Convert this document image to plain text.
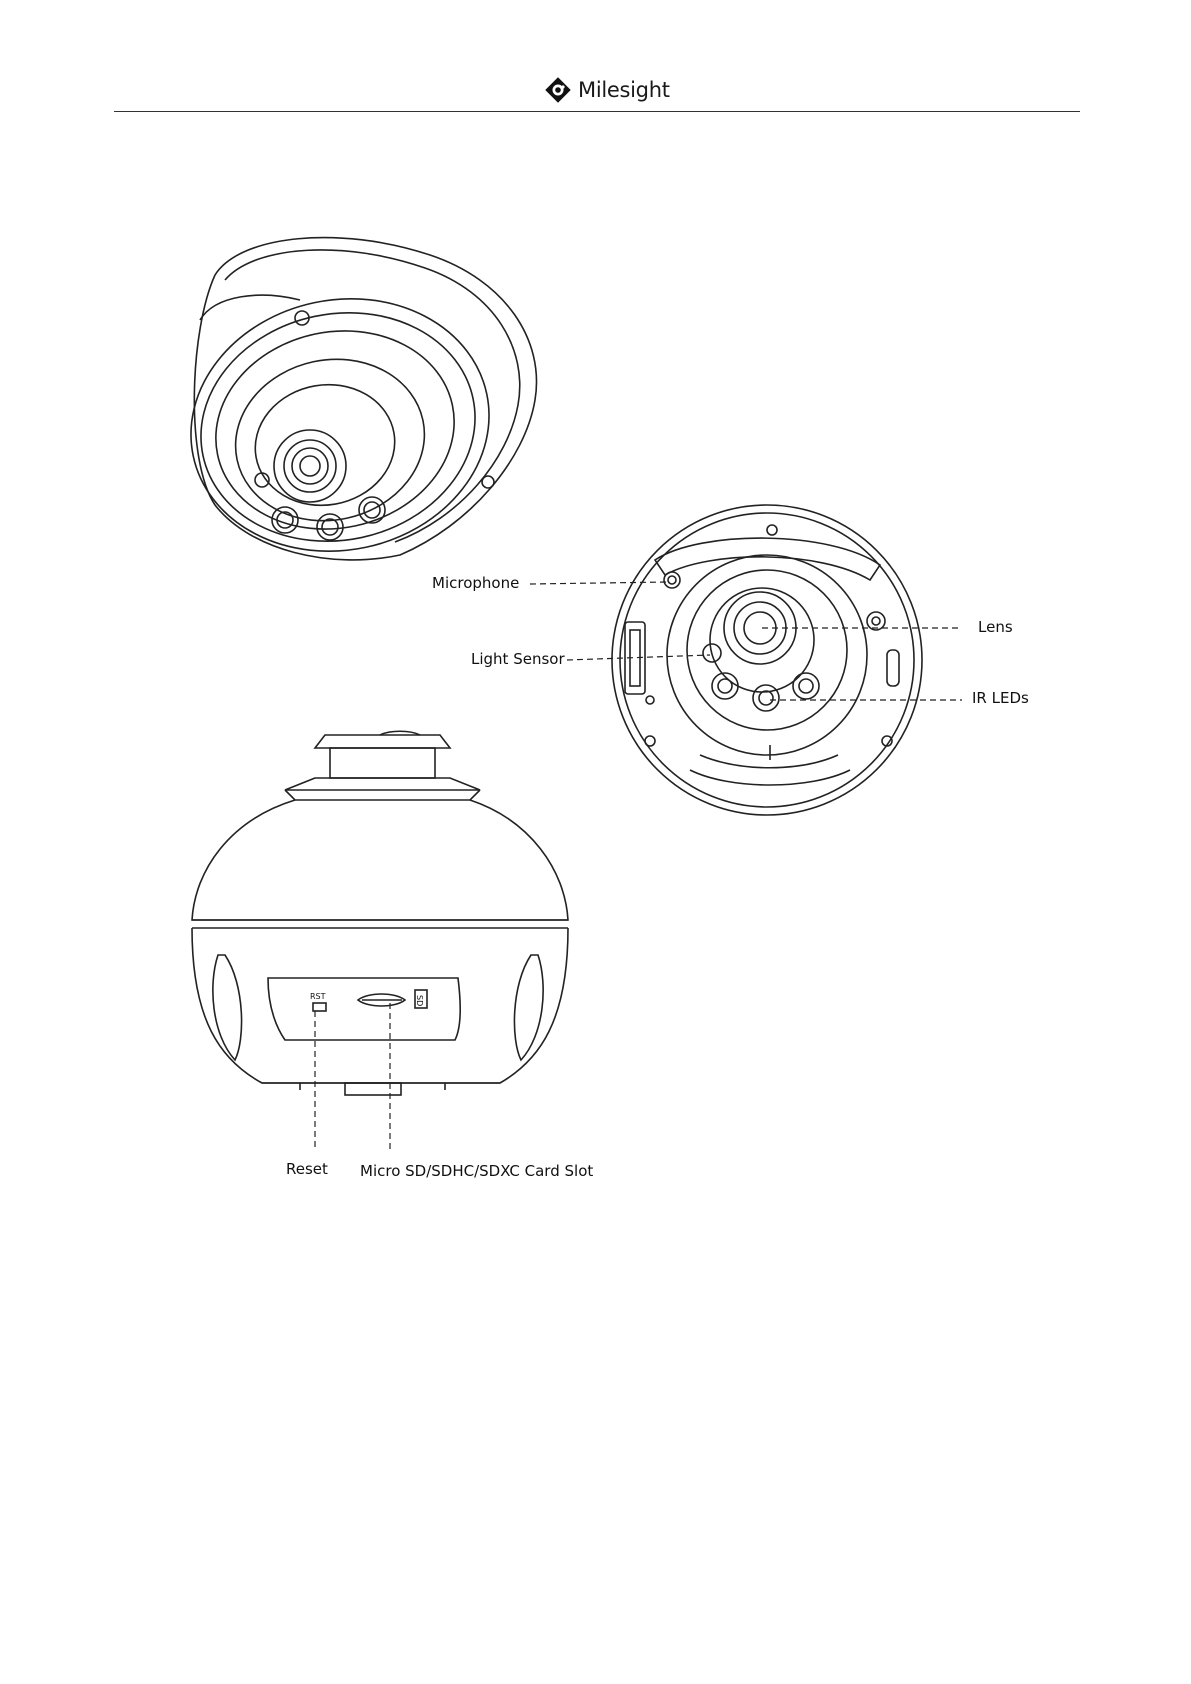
Milesight
RST	SD
Microphone
Lens
Light Sensor
IR LEDs
Reset Micro SD/SDHC/SDXC Card Slot
